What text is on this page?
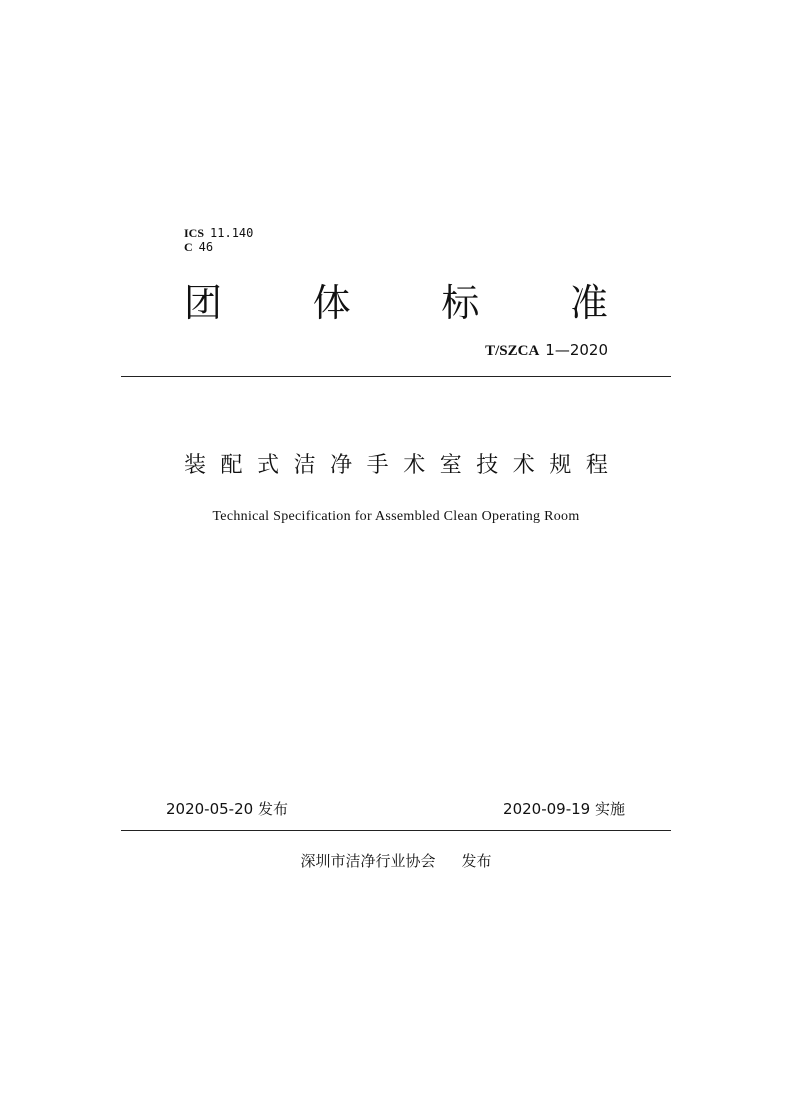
ICS 11.140
C 46
团 体 标 准
T/SZCA 1—2020
装 配 式 洁 净 手 术 室 技 术 规 程
Technical Specification for Assembled Clean Operating Room
2020-05-20 发布	2020-09-19 实施
深圳市洁净行业协会 发布
